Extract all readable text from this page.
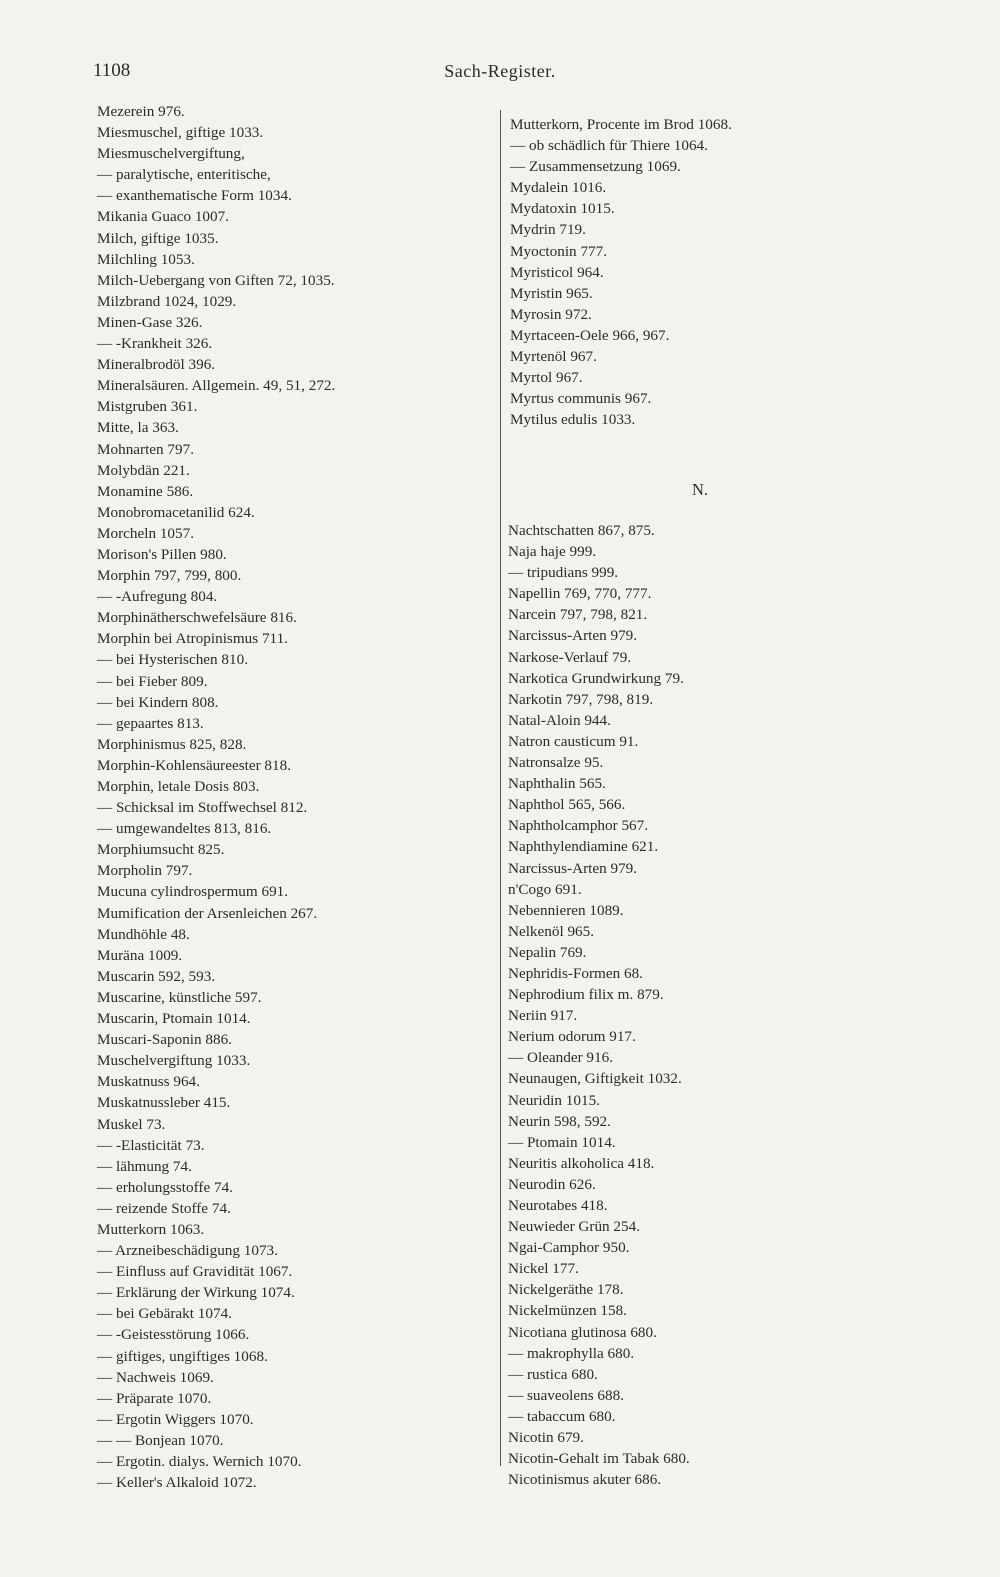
1108	Sach-Register.
Mezerein 976.
Miesmuschel, giftige 1033.
Miesmuschelvergiftung,
— paralytische, enteritische,
— exanthematische Form 1034.
Mikania Guaco 1007.
Milch, giftige 1035.
Milchling 1053.
Milch-Uebergang von Giften 72, 1035.
Milzbrand 1024, 1029.
Minen-Gase 326.
— -Krankheit 326.
Mineralbrodöl 396.
Mineralsäuren. Allgemein. 49, 51, 272.
Mistgruben 361.
Mitte, la 363.
Mohnarten 797.
Molybdän 221.
Monamine 586.
Monobromacetanilid 624.
Morcheln 1057.
Morison's Pillen 980.
Morphin 797, 799, 800.
— -Aufregung 804.
Morphinätherschwefelsäure 816.
Morphin bei Atropinismus 711.
— bei Hysterischen 810.
— bei Fieber 809.
— bei Kindern 808.
— gepaartes 813.
Morphinismus 825, 828.
Morphin-Kohlensäureester 818.
Morphin, letale Dosis 803.
— Schicksal im Stoffwechsel 812.
— umgewandeltes 813, 816.
Morphiumsucht 825.
Morpholin 797.
Mucuna cylindrospermum 691.
Mumification der Arsenleichen 267.
Mundhöhle 48.
Muräna 1009.
Muscarin 592, 593.
Muscarine, künstliche 597.
Muscarin, Ptomain 1014.
Muscari-Saponin 886.
Muschelvergiftung 1033.
Muskatnuss 964.
Muskatnussleber 415.
Muskel 73.
— -Elasticität 73.
— lähmung 74.
— erholungsstoffe 74.
— reizende Stoffe 74.
Mutterkorn 1063.
— Arzneibeschädigung 1073.
— Einfluss auf Gravidität 1067.
— Erklärung der Wirkung 1074.
— bei Gebärakt 1074.
— -Geistesstörung 1066.
— giftiges, ungiftiges 1068.
— Nachweis 1069.
— Präparate 1070.
— Ergotin Wiggers 1070.
— — Bonjean 1070.
— Ergotin. dialys. Wernich 1070.
— Keller's Alkaloid 1072.
Mutterkorn, Procente im Brod 1068.
— ob schädlich für Thiere 1064.
— Zusammensetzung 1069.
Mydalein 1016.
Mydatoxin 1015.
Mydrin 719.
Myoctonin 777.
Myristicol 964.
Myristin 965.
Myrosin 972.
Myrtaceen-Oele 966, 967.
Myrtenöl 967.
Myrtol 967.
Myrtus communis 967.
Mytilus edulis 1033.
N.
Nachtschatten 867, 875.
Naja haje 999.
— tripudians 999.
Napellin 769, 770, 777.
Narcein 797, 798, 821.
Narcissus-Arten 979.
Narkose-Verlauf 79.
Narkotica Grundwirkung 79.
Narkotin 797, 798, 819.
Natal-Aloin 944.
Natron causticum 91.
Natronsalze 95.
Naphthalin 565.
Naphthol 565, 566.
Naphtholcamphor 567.
Naphthylendiamine 621.
Narcissus-Arten 979.
n'Cogo 691.
Nebennieren 1089.
Nelkenöl 965.
Nepalin 769.
Nephridis-Formen 68.
Nephrodium filix m. 879.
Neriin 917.
Nerium odorum 917.
— Oleander 916.
Neunaugen, Giftigkeit 1032.
Neuridin 1015.
Neurin 598, 592.
— Ptomain 1014.
Neuritis alkoholica 418.
Neurodin 626.
Neurotabes 418.
Neuwieder Grün 254.
Ngai-Camphor 950.
Nickel 177.
Nickelgeräthe 178.
Nickelmünzen 158.
Nicotiana glutinosa 680.
— makrophylla 680.
— rustica 680.
— suaveolens 688.
— tabaccum 680.
Nicotin 679.
Nicotin-Gehalt im Tabak 680.
Nicotinismus akuter 686.
